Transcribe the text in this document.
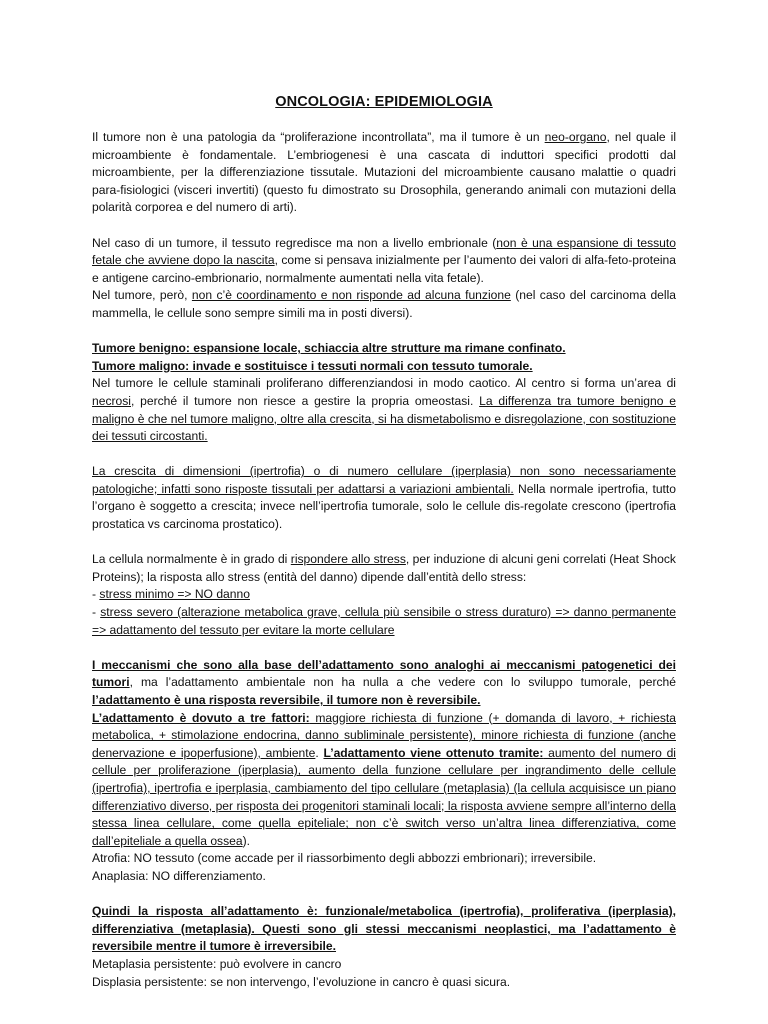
ONCOLOGIA: EPIDEMIOLOGIA

Il tumore non è una patologia da “proliferazione incontrollata”, ma il tumore è un neo-organo, nel quale il microambiente è fondamentale. L’embriogenesi è una cascata di induttori specifici prodotti dal microambiente, per la differenziazione tissutale. Mutazioni del microambiente causano malattie o quadri para-fisiologici (visceri invertiti) (questo fu dimostrato su Drosophila, generando animali con mutazioni della polarità corporea e del numero di arti).

Nel caso di un tumore, il tessuto regredisce ma non a livello embrionale (non è una espansione di tessuto fetale che avviene dopo la nascita, come si pensava inizialmente per l’aumento dei valori di alfa-feto-proteina e antigene carcino-embrionario, normalmente aumentati nella vita fetale).

Nel tumore, però, non c’è coordinamento e non risponde ad alcuna funzione (nel caso del carcinoma della mammella, le cellule sono sempre simili ma in posti diversi).

Tumore benigno: espansione locale, schiaccia altre strutture ma rimane confinato.

Tumore maligno: invade e sostituisce i tessuti normali con tessuto tumorale.

Nel tumore le cellule staminali proliferano differenziandosi in modo caotico. Al centro si forma un’area di necrosi, perché il tumore non riesce a gestire la propria omeostasi. La differenza tra tumore benigno e maligno è che nel tumore maligno, oltre alla crescita, si ha dismetabolismo e disregolazione, con sostituzione dei tessuti circostanti.

La crescita di dimensioni (ipertrofia) o di numero cellulare (iperplasia) non sono necessariamente patologiche; infatti sono risposte tissutali per adattarsi a variazioni ambientali. Nella normale ipertrofia, tutto l’organo è soggetto a crescita; invece nell’ipertrofia tumorale, solo le cellule dis-regolate crescono (ipertrofia prostatica vs carcinoma prostatico).

La cellula normalmente è in grado di rispondere allo stress, per induzione di alcuni geni correlati (Heat Shock Proteins); la risposta allo stress (entità del danno) dipende dall’entità dello stress:

- stress minimo => NO danno

- stress severo (alterazione metabolica grave, cellula più sensibile o stress duraturo) => danno permanente => adattamento del tessuto per evitare la morte cellulare

I meccanismi che sono alla base dell’adattamento sono analoghi ai meccanismi patogenetici dei tumori, ma l’adattamento ambientale non ha nulla a che vedere con lo sviluppo tumorale, perché l’adattamento è una risposta reversibile, il tumore non è reversibile.

L’adattamento è dovuto a tre fattori: maggiore richiesta di funzione (+ domanda di lavoro, + richiesta metabolica, + stimolazione endocrina, danno subliminale persistente), minore richiesta di funzione (anche denervazione e ipoperfusione), ambiente. L’adattamento viene ottenuto tramite: aumento del numero di cellule per proliferazione (iperplasia), aumento della funzione cellulare per ingrandimento delle cellule (ipertrofia), ipertrofia e iperplasia, cambiamento del tipo cellulare (metaplasia) (la cellula acquisisce un piano differenziativo diverso, per risposta dei progenitori staminali locali; la risposta avviene sempre all’interno della stessa linea cellulare, come quella epiteliale; non c’è switch verso un’altra linea differenziativa, come dall’epiteliale a quella ossea).

Atrofia: NO tessuto (come accade per il riassorbimento degli abbozzi embrionari); irreversibile.

Anaplasia: NO differenziamento.

Quindi la risposta all’adattamento è: funzionale/metabolica (ipertrofia), proliferativa (iperplasia), differenziativa (metaplasia). Questi sono gli stessi meccanismi neoplastici, ma l’adattamento è reversibile mentre il tumore è irreversibile.

Metaplasia persistente: può evolvere in cancro

Displasia persistente: se non intervengo, l’evoluzione in cancro è quasi sicura.
